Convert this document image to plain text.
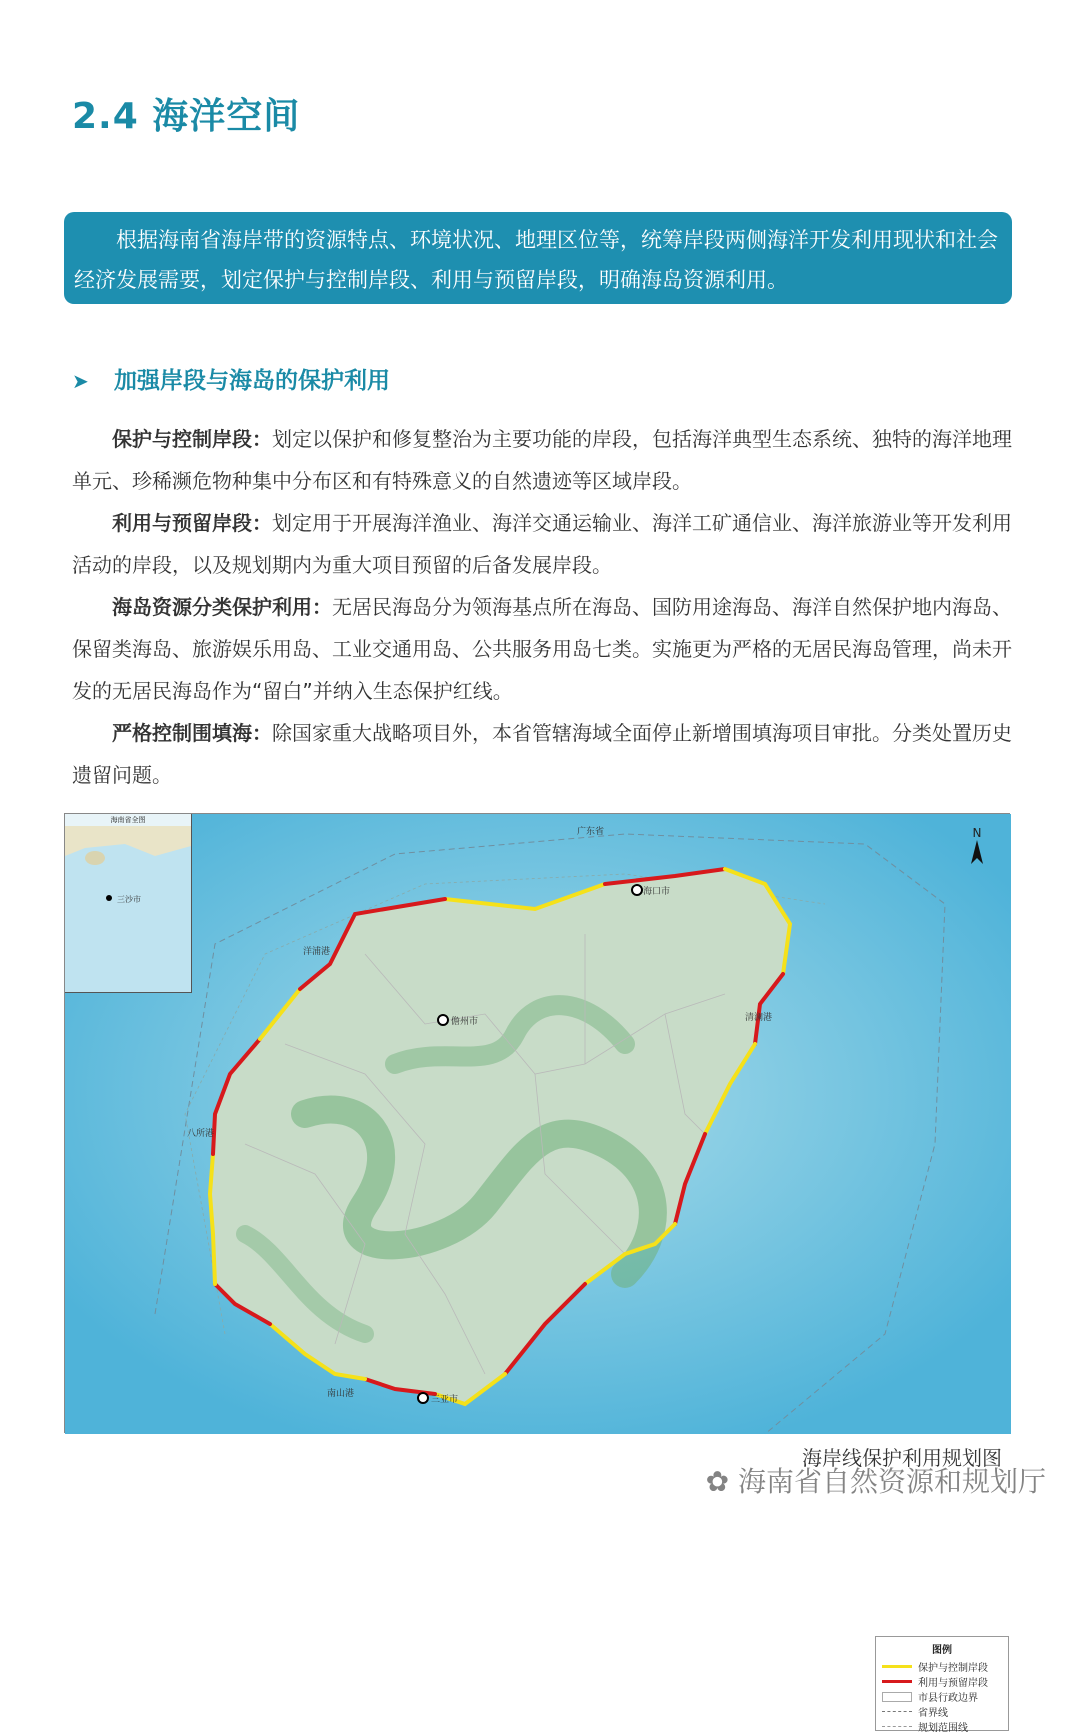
2.4 海洋空间

根据海南省海岸带的资源特点、环境状况、地理区位等，统筹岸段两侧海洋开发利用现状和社会经济发展需要，划定保护与控制岸段、利用与预留岸段，明确海岛资源利用。

➤ 加强岸段与海岛的保护利用

保护与控制岸段：划定以保护和修复整治为主要功能的岸段，包括海洋典型生态系统、独特的海洋地理单元、珍稀濒危物种集中分布区和有特殊意义的自然遗迹等区域岸段。

利用与预留岸段：划定用于开展海洋渔业、海洋交通运输业、海洋工矿通信业、海洋旅游业等开发利用活动的岸段，以及规划期内为重大项目预留的后备发展岸段。

海岛资源分类保护利用：无居民海岛分为领海基点所在海岛、国防用途海岛、海洋自然保护地内海岛、保留类海岛、旅游娱乐用岛、工业交通用岛、公共服务用岛七类。实施更为严格的无居民海岛管理，尚未开发的无居民海岛作为“留白”并纳入生态保护红线。

严格控制围填海：除国家重大战略项目外，本省管辖海域全面停止新增围填海项目审批。分类处置历史遗留问题。

海口市
儋州市
三亚市
广东省
洋浦港
清澜港
南山港
八所港
N
海南省全图
三沙市
图例
保护与控制岸段
利用与预留岸段
市县行政边界
省界线
规划范围线
海岸线保护利用规划图
✿ 海南省自然资源和规划厅
